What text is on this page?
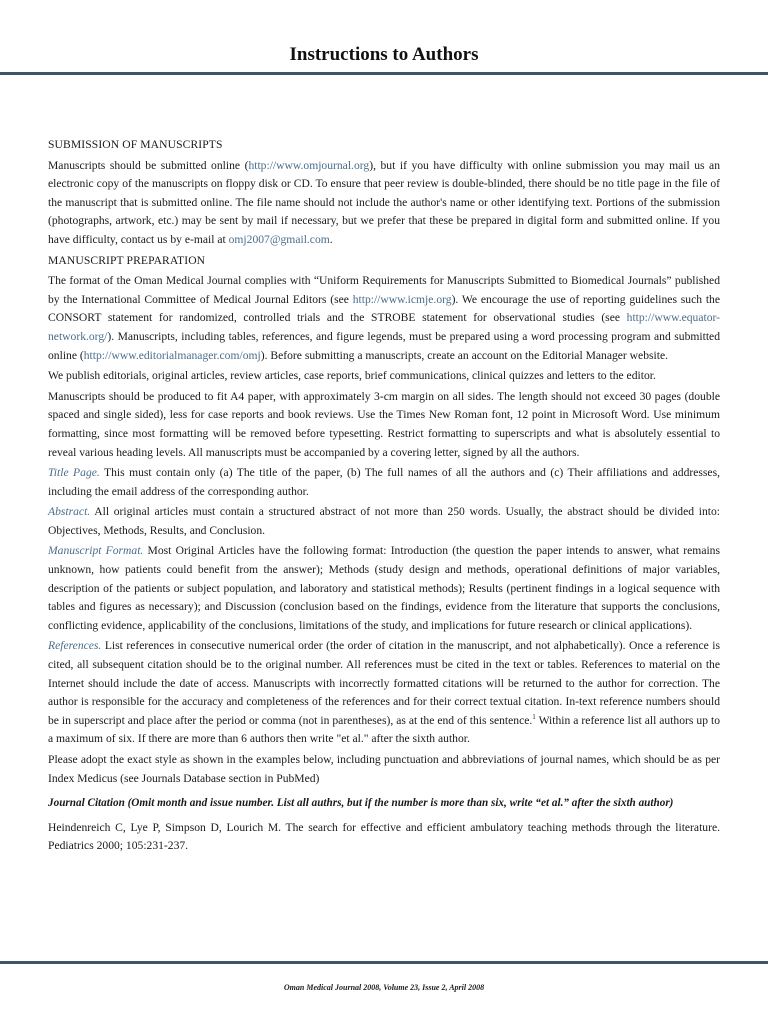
Instructions to Authors

SUBMISSION OF MANUSCRIPTS

Manuscripts should be submitted online (http://www.omjournal.org), but if you have difficulty with online submission you may mail us an electronic copy of the manuscripts on floppy disk or CD. To ensure that peer review is double-blinded, there should be no title page in the file of the manuscript that is submitted online. The file name should not include the author's name or other identifying text. Portions of the submission (photographs, artwork, etc.) may be sent by mail if necessary, but we prefer that these be prepared in digital form and submitted online. If you have difficulty, contact us by e-mail at omj2007@gmail.com.

MANUSCRIPT PREPARATION

The format of the Oman Medical Journal complies with “Uniform Requirements for Manuscripts Submitted to Biomedical Journals” published by the International Committee of Medical Journal Editors (see http://www.icmje.org). We encourage the use of reporting guidelines such the CONSORT statement for randomized, controlled trials and the STROBE statement for observational studies (see http://www.equator-network.org/). Manuscripts, including tables, references, and figure legends, must be prepared using a word processing program and submitted online (http://www.editorialmanager.com/omj). Before submitting a manuscripts, create an account on the Editorial Manager website.

We publish editorials, original articles, review articles, case reports, brief communications, clinical quizzes and letters to the editor.

Manuscripts should be produced to fit A4 paper, with approximately 3-cm margin on all sides. The length should not exceed 30 pages (double spaced and single sided), less for case reports and book reviews. Use the Times New Roman font, 12 point in Microsoft Word. Use minimum formatting, since most formatting will be removed before typesetting. Restrict formatting to superscripts and what is absolutely essential to reveal various heading levels. All manuscripts must be accompanied by a covering letter, signed by all the authors.

Title Page. This must contain only (a) The title of the paper, (b) The full names of all the authors and (c) Their affiliations and addresses, including the email address of the corresponding author.

Abstract. All original articles must contain a structured abstract of not more than 250 words. Usually, the abstract should be divided into: Objectives, Methods, Results, and Conclusion.

Manuscript Format. Most Original Articles have the following format: Introduction (the question the paper intends to answer, what remains unknown, how patients could benefit from the answer); Methods (study design and methods, operational definitions of major variables, description of the patients or subject population, and laboratory and statistical methods); Results (pertinent findings in a logical sequence with tables and figures as necessary); and Discussion (conclusion based on the findings, evidence from the literature that supports the conclusions, conflicting evidence, applicability of the conclusions, limitations of the study, and implications for future research or clinical applications).

References. List references in consecutive numerical order (the order of citation in the manuscript, and not alphabetically). Once a reference is cited, all subsequent citation should be to the original number. All references must be cited in the text or tables. References to material on the Internet should include the date of access. Manuscripts with incorrectly formatted citations will be returned to the author for correction. The author is responsible for the accuracy and completeness of the references and for their correct textual citation. In-text reference numbers should be in superscript and place after the period or comma (not in parentheses), as at the end of this sentence.$^1$ Within a reference list all authors up to a maximum of six. If there are more than 6 authors then write "et al." after the sixth author.

Please adopt the exact style as shown in the examples below, including punctuation and abbreviations of journal names, which should be as per Index Medicus (see Journals Database section in PubMed)

Journal Citation (Omit month and issue number. List all authrs, but if the number is more than six, write “et al.” after the sixth author)

Heindenreich C, Lye P, Simpson D, Lourich M. The search for effective and efficient ambulatory teaching methods through the literature. Pediatrics 2000; 105:231-237.

Oman Medical Journal 2008, Volume 23, Issue 2, April 2008
